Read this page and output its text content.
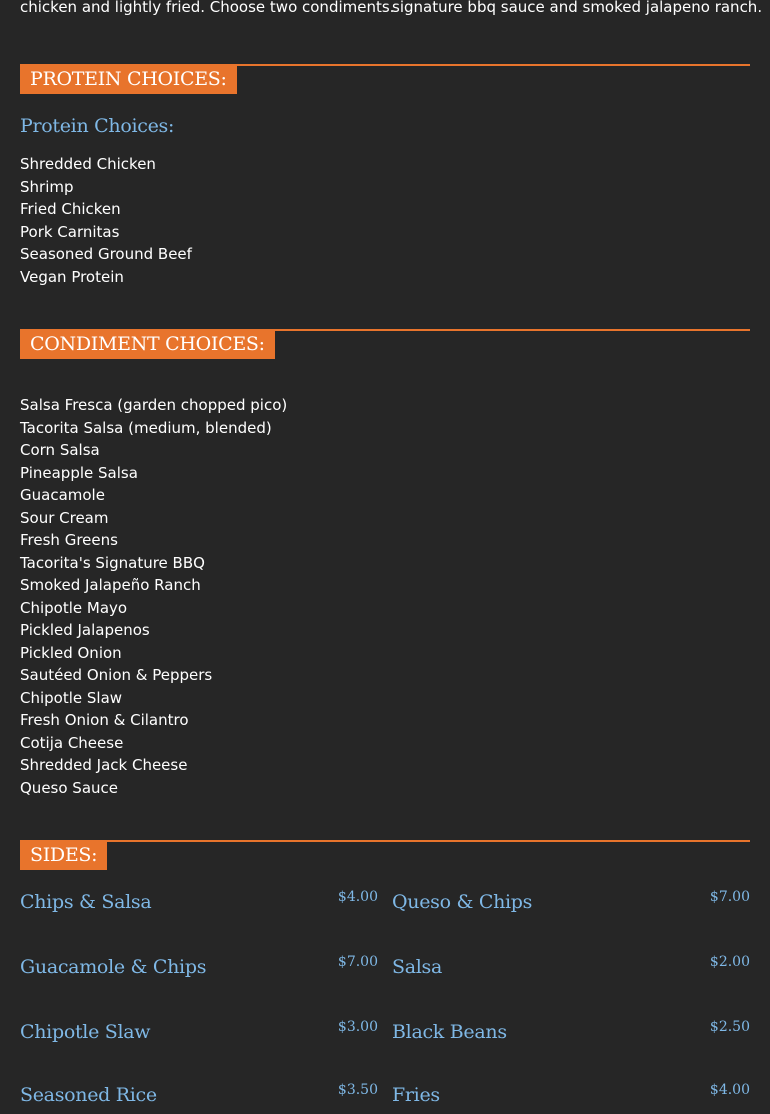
chicken and lightly fried. Choose two condiments.
signature bbq sauce and smoked jalapeno ranch.
PROTEIN CHOICES:
Protein Choices:
Shredded Chicken
Shrimp
Fried Chicken
Pork Carnitas
Seasoned Ground Beef
Vegan Protein
CONDIMENT CHOICES:
Salsa Fresca (garden chopped pico)
Tacorita Salsa (medium, blended)
Corn Salsa
Pineapple Salsa
Guacamole
Sour Cream
Fresh Greens
Tacorita's Signature BBQ
Smoked Jalapeño Ranch
Chipotle Mayo
Pickled Jalapenos
Pickled Onion
Sautéed Onion & Peppers
Chipotle Slaw
Fresh Onion & Cilantro
Cotija Cheese
Shredded Jack Cheese
Queso Sauce
SIDES:
Chips & Salsa	$4.00 Queso & Chips	$7.00
Guacamole & Chips	$7.00 Salsa	$2.00
Chipotle Slaw	$3.00 Black Beans	$2.50
Seasoned Rice	$3.50 Fries	$4.00
